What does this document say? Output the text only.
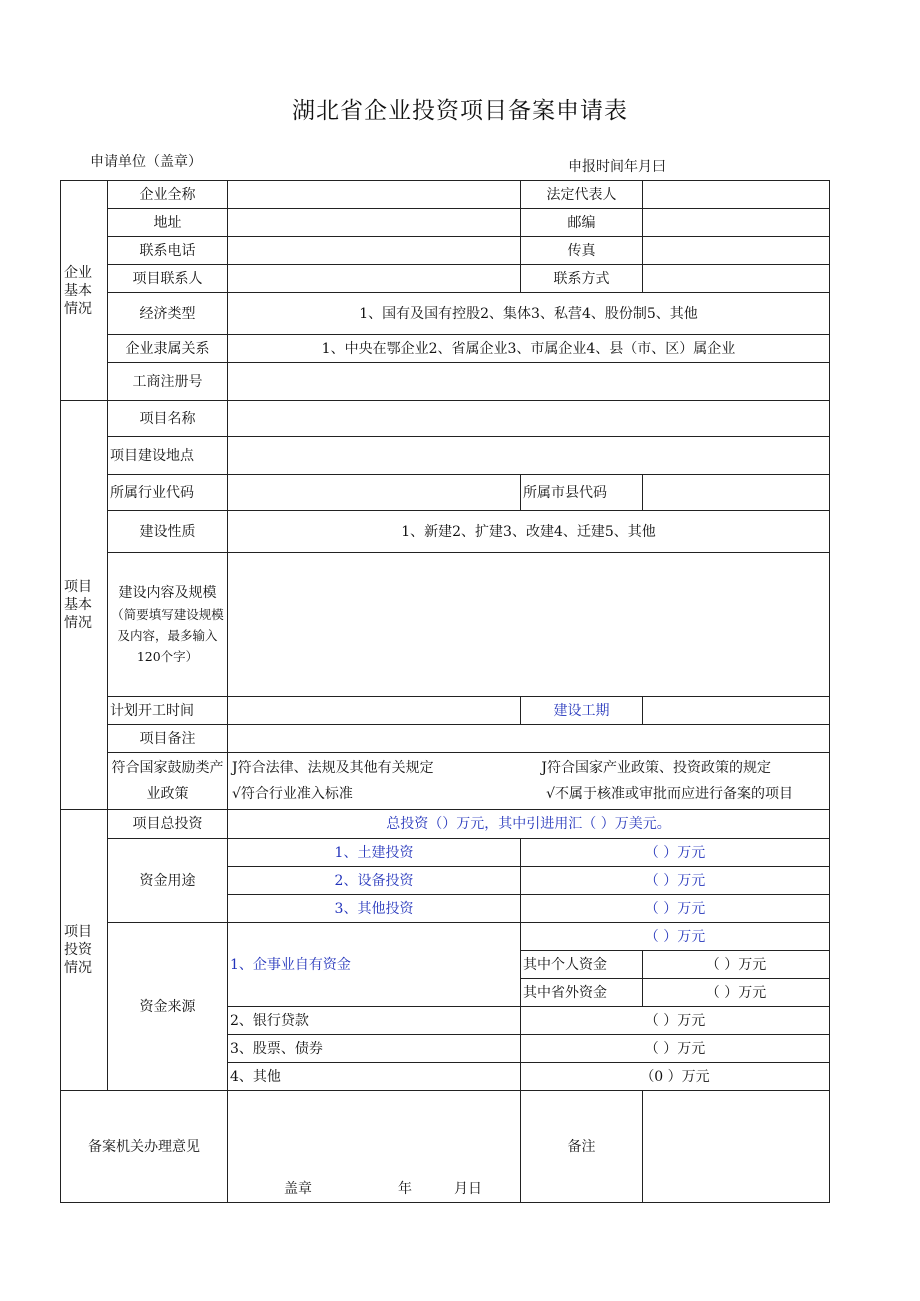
湖北省企业投资项目备案申请表
申请单位（盖章）	申报时间年月曰
企业基本情况	企业全称		法定代表人	
	地址		邮编	
	联系电话		传真	
	项目联系人		联系方式	
	经济类型	1、国有及国有控股2、集体3、私营4、股份制5、其他		
	企业隶属关系	1、中央在鄂企业2、省属企业3、市属企业4、县（市、区）属企业		
	工商注册号			
项目基本情况	项目名称			
	项目建设地点			
	所属行业代码		所属市县代码	
	建设性质	1、新建2、扩建3、改建4、迁建5、其他		

	建设内容及规模
（简要填写建设规模及内容，最多输入120个字）			

	计划开工时间		建设工期	
	项目备注			
	符合国家鼓励类产业政策	J符合法律、法规及其他有关规定 J符合国家产业政策、投资政策的规定
√符合行业准入标准 √不属于核准或审批而应进行备案的项目		

项目投资情况	项目总投资	总投资（）万元，其中引进用汇（ ）万美元。		
	资金用途	1、土建投资	（ ）万元	
		2、设备投资	（ ）万元	
		3、其他投资	（ ）万元	
	资金来源	1、企事业自有资金	（ ）万元	
			其中个人资金	（ ）万元
			其中省外资金	（ ）万元
		2、银行贷款	（ ）万元	
		3、股票、债券	（ ）万元	
		4、其他	（0 ）万元	
备案机关办理意见		盖章 年 月日	备注	
